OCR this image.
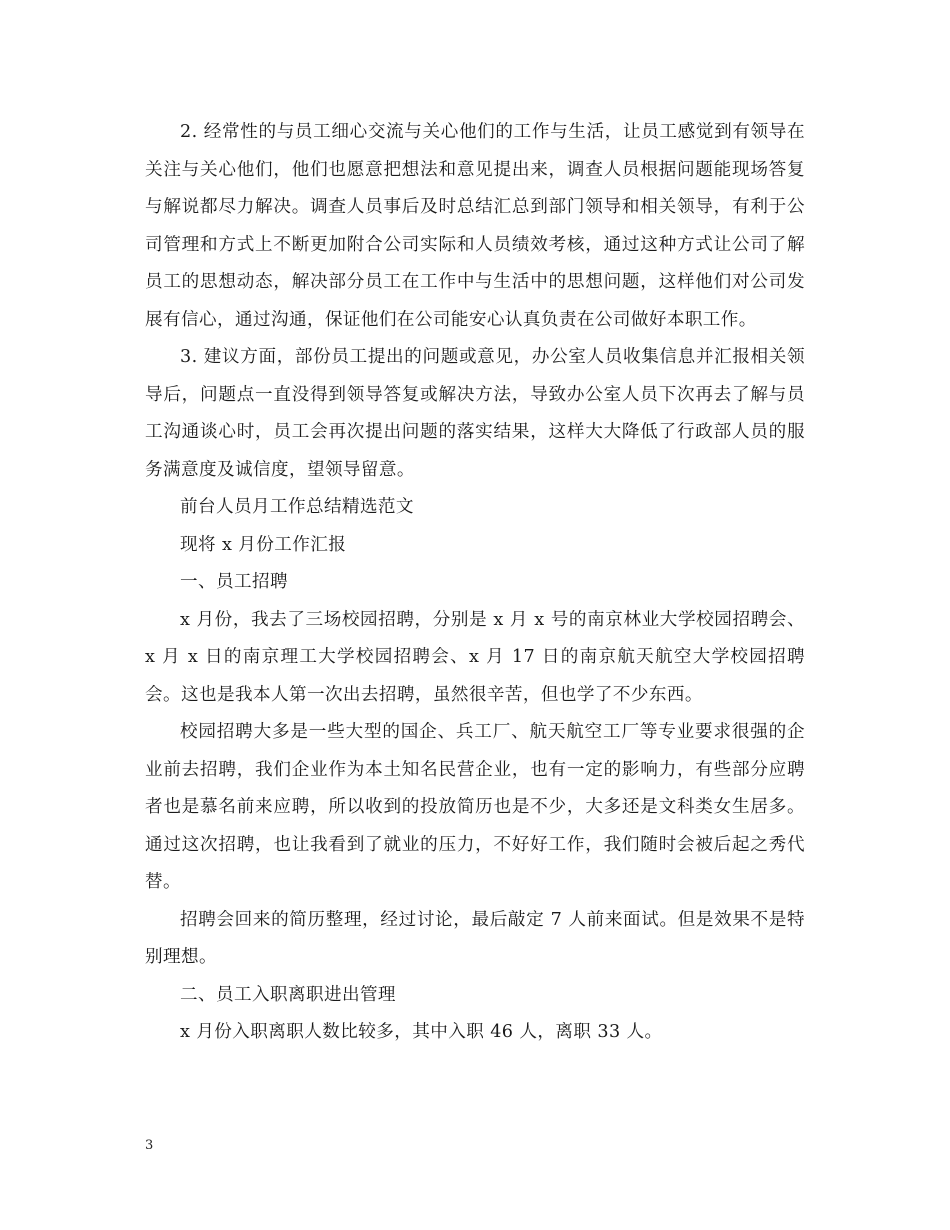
2. 经常性的与员工细心交流与关心他们的工作与生活，让员工感觉到有领导在关注与关心他们，他们也愿意把想法和意见提出来，调查人员根据问题能现场答复与解说都尽力解决。调查人员事后及时总结汇总到部门领导和相关领导，有利于公司管理和方式上不断更加附合公司实际和人员绩效考核，通过这种方式让公司了解员工的思想动态，解决部分员工在工作中与生活中的思想问题，这样他们对公司发展有信心，通过沟通，保证他们在公司能安心认真负责在公司做好本职工作。

3. 建议方面，部份员工提出的问题或意见，办公室人员收集信息并汇报相关领导后，问题点一直没得到领导答复或解决方法，导致办公室人员下次再去了解与员工沟通谈心时，员工会再次提出问题的落实结果，这样大大降低了行政部人员的服务满意度及诚信度，望领导留意。

前台人员月工作总结精选范文

现将 x 月份工作汇报

一、员工招聘

x 月份，我去了三场校园招聘，分别是 x 月 x 号的南京林业大学校园招聘会、x 月 x 日的南京理工大学校园招聘会、x 月 17 日的南京航天航空大学校园招聘会。这也是我本人第一次出去招聘，虽然很辛苦，但也学了不少东西。

校园招聘大多是一些大型的国企、兵工厂、航天航空工厂等专业要求很强的企业前去招聘，我们企业作为本土知名民营企业，也有一定的影响力，有些部分应聘者也是慕名前来应聘，所以收到的投放简历也是不少，大多还是文科类女生居多。通过这次招聘，也让我看到了就业的压力，不好好工作，我们随时会被后起之秀代替。

招聘会回来的简历整理，经过讨论，最后敲定 7 人前来面试。但是效果不是特别理想。

二、员工入职离职进出管理

x 月份入职离职人数比较多，其中入职 46 人，离职 33 人。

3
